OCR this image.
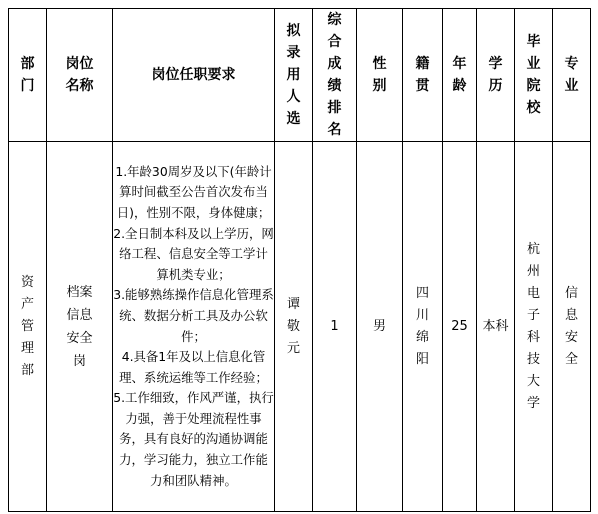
部门	岗位名称	岗位任职要求	拟录用人选	综合成绩排名	性别	籍贯	年龄	学历	毕业院校	专业
资产管理部	档案信息安全岗	1.年龄30周岁及以下(年龄计算时间截至公告首次发布当日)，性别不限，身体健康；
2.全日制本科及以上学历，网络工程、信息安全等工学计算机类专业；
3.能够熟练操作信息化管理系统、数据分析工具及办公软件；
4.具备1年及以上信息化管理、系统运维等工作经验；
5.工作细致，作风严谨，执行力强，善于处理流程性事务，具有良好的沟通协调能力，学习能力，独立工作能力和团队精神。	谭敬元	1	男	四川绵阳	25	本科	杭州电子科技大学	信息安全
